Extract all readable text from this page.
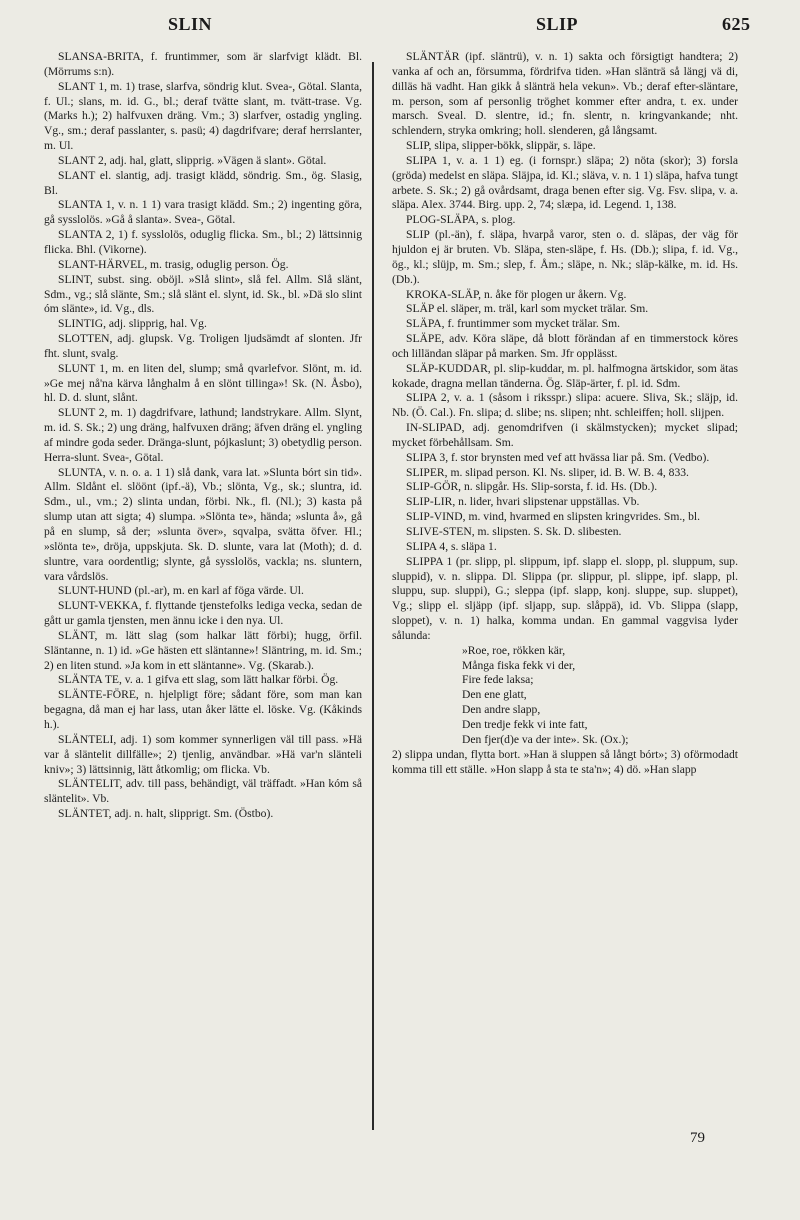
SLIN	SLIP	625

SLANSA-BRITA, f. fruntimmer, som är slarfvigt klädt. Bl. (Mörrums s:n).

SLANT 1, m. 1) trase, slarfva, söndrig klut. Svea-, Götal. Slanta, f. Ul.; slans, m. id. G., bl.; deraf tvätte slant, m. tvätt-trase. Vg. (Marks h.); 2) halfvuxen dräng. Vm.; 3) slarfver, ostadig yngling. Vg., sm.; deraf passlanter, s. pasü; 4) dagdrifvare; deraf herrslanter, m. Ul.

SLANT 2, adj. hal, glatt, slipprig. »Vägen ä slant». Götal.

SLANT el. slantig, adj. trasigt klädd, söndrig. Sm., ög. Slasig, Bl.

SLANTA 1, v. n. 1 1) vara trasigt klädd. Sm.; 2) ingenting göra, gå sysslolös. »Gå å slanta». Svea-, Götal.

SLANTA 2, 1) f. sysslolös, oduglig flicka. Sm., bl.; 2) lättsinnig flicka. Bhl. (Vikorne).

SLANT-HÄRVEL, m. trasig, oduglig person. Ög.

SLINT, subst. sing. oböjl. »Slå slint», slå fel. Allm. Slå slänt, Sdm., vg.; slå slänte, Sm.; slå slänt el. slynt, id. Sk., bl. »Dä slo slint óm slänte», id. Vg., dls.

SLINTIG, adj. slipprig, hal. Vg.

SLOTTEN, adj. glupsk. Vg. Troligen ljudsämdt af slonten. Jfr fht. slunt, svalg.

SLUNT 1, m. en liten del, slump; små qvarlefvor. Slönt, m. id. »Ge mej nå'na kärva långhalm å en slönt tillinga»! Sk. (N. Åsbo), hl. D. d. slunt, slånt.

SLUNT 2, m. 1) dagdrifvare, lathund; landstrykare. Allm. Slynt, m. id. S. Sk.; 2) ung dräng, halfvuxen dräng; äfven dräng el. yngling af mindre goda seder. Dränga-slunt, pójkaslunt; 3) obetydlig person. Herra-slunt. Svea-, Götal.

SLUNTA, v. n. o. a. 1 1) slå dank, vara lat. »Slunta bórt sin tid». Allm. Sldånt el. slöönt (ipf.-ä), Vb.; slönta, Vg., sk.; sluntra, id. Sdm., ul., vm.; 2) slinta undan, förbi. Nk., fl. (Nl.); 3) kasta på slump utan att sigta; 4) slumpa. »Slönta te», hända; »slunta å», gå på en slump, så der; »slunta över», sqvalpa, svätta öfver. Hl.; »slönta te», dröja, uppskjuta. Sk. D. slunte, vara lat (Moth); d. d. sluntre, vara oordentlig; slynte, gå sysslolös, vackla; ns. sluntern, vara vårdslös.

SLUNT-HUND (pl.-ar), m. en karl af föga värde. Ul.

SLUNT-VEKKA, f. flyttande tjenstefolks lediga vecka, sedan de gått ur gamla tjensten, men ännu icke i den nya. Ul.

SLÄNT, m. lätt slag (som halkar lätt förbi); hugg, örfil. Släntanne, n. 1) id. »Ge hästen ett släntanne»! Släntring, m. id. Sm.; 2) en liten stund. »Ja kom in ett släntanne». Vg. (Skarab.).

SLÄNTA TE, v. a. 1 gifva ett slag, som lätt halkar förbi. Ög.

SLÄNTE-FÖRE, n. hjelpligt före; sådant före, som man kan begagna, då man ej har lass, utan åker lätte el. löske. Vg. (Kåkinds h.).

SLÄNTELI, adj. 1) som kommer synnerligen väl till pass. »Hä var å släntelit dillfälle»; 2) tjenlig, användbar. »Hä var'n slänteli kniv»; 3) lättsinnig, lätt åtkomlig; om flicka. Vb.

SLÄNTELIT, adv. till pass, behändigt, väl träffadt. »Han kóm så släntelit». Vb.

SLÄNTET, adj. n. halt, slipprigt. Sm. (Östbo).

SLÄNTÄR (ipf. släntrü), v. n. 1) sakta och försigtigt handtera; 2) vanka af och an, försumma, fördrifva tiden. »Han slänträ så längj vä di, dilläs hä vadht. Han gikk å slänträ hela vekun». Vb.; deraf efter-släntare, m. person, som af personlig tröghet kommer efter andra, t. ex. under marsch. Sveal. D. slentre, id.; fn. slentr, n. kringvankande; nht. schlendern, stryka omkring; holl. slenderen, gå långsamt.

SLIP, slipa, slipper-bökk, slippär, s. läpe.

SLIPA 1, v. a. 1 1) eg. (i fornspr.) släpa; 2) nöta (skor); 3) forsla (gröda) medelst en släpa. Släjpa, id. Kl.; släva, v. n. 1 1) släpa, hafva tungt arbete. S. Sk.; 2) gå ovårdsamt, draga benen efter sig. Vg. Fsv. slipa, v. a. släpa. Alex. 3744. Birg. upp. 2, 74; slæpa, id. Legend. 1, 138.

PLOG-SLÄPA, s. plog.

SLIP (pl.-än), f. släpa, hvarpå varor, sten o. d. släpas, der väg för hjuldon ej är bruten. Vb. Släpa, sten-släpe, f. Hs. (Db.); slipa, f. id. Vg., ög., kl.; slüjp, m. Sm.; slep, f. Åm.; släpe, n. Nk.; släp-kälke, m. id. Hs. (Db.).

KROKA-SLÄP, n. åke för plogen ur åkern. Vg.

SLÄP el. släper, m. träl, karl som mycket trälar. Sm.

SLÄPA, f. fruntimmer som mycket trälar. Sm.

SLÄPE, adv. Köra släpe, då blott förändan af en timmerstock köres och lilländan släpar på marken. Sm. Jfr opplässt.

SLÄP-KUDDAR, pl. slip-kuddar, m. pl. halfmogna ärtskidor, som ätas kokade, dragna mellan tänderna. Ög. Släp-ärter, f. pl. id. Sdm.

SLIPA 2, v. a. 1 (såsom i riksspr.) slipa: acuere. Sliva, Sk.; släjp, id. Nb. (Ö. Cal.). Fn. slipa; d. slibe; ns. slipen; nht. schleiffen; holl. slijpen.

IN-SLIPAD, adj. genomdrifven (i skälmstycken); mycket slipad; mycket förbehållsam. Sm.

SLIPA 3, f. stor brynsten med vef att hvässa liar på. Sm. (Vedbo).

SLIPER, m. slipad person. Kl. Ns. sliper, id. B. W. B. 4, 833.

SLIP-GÖR, n. slipgår. Hs. Slip-sorsta, f. id. Hs. (Db.).

SLIP-LIR, n. lider, hvari slipstenar uppställas. Vb.

SLIP-VIND, m. vind, hvarmed en slipsten kringvrides. Sm., bl.

SLIVE-STEN, m. slipsten. S. Sk. D. slibesten.

SLIPA 4, s. släpa 1.

SLIPPA 1 (pr. slipp, pl. slippum, ipf. slapp el. slopp, pl. sluppum, sup. sluppid), v. n. slippa. Dl. Slippa (pr. slippur, pl. slippe, ipf. slapp, pl. sluppu, sup. sluppi), G.; sleppa (ipf. slapp, konj. sluppe, sup. sluppet), Vg.; slipp el. sljäpp (ipf. sljapp, sup. slåppä), id. Vb. Slippa (slapp, sloppet), v. n. 1) halka, komma undan. En gammal vaggvisa lyder sålunda:

»Roe, roe, rökken kär,

Många fiska fekk vi der,

Fire fede laksa;

Den ene glatt,

Den andre slapp,

Den tredje fekk vi inte fatt,

Den fjer(d)e va der inte». Sk. (Ox.);

2) slippa undan, flytta bort. »Han ä sluppen så långt bórt»; 3) oförmodadt komma till ett ställe. »Hon slapp å sta te sta'n»; 4) dö. »Han slapp

79
